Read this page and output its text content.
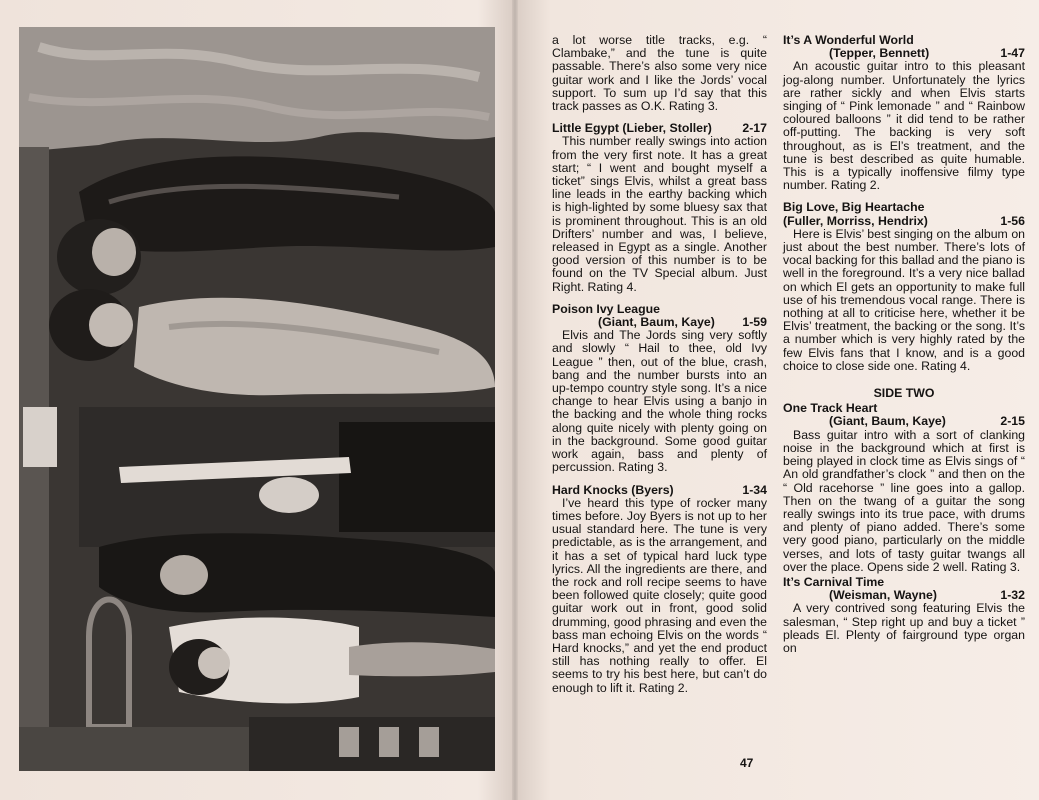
a lot worse title tracks, e.g. “ Clambake,” and the tune is quite passable. There’s also some very nice guitar work and I like the Jords’ vocal support. To sum up I’d say that this track passes as O.K. Rating 3.

Little Egypt (Lieber, Stoller) 2-17

This number really swings into action from the very first note. It has a great start; “ I went and bought myself a ticket” sings Elvis, whilst a great bass line leads in the earthy backing which is high-lighted by some bluesy sax that is prominent throughout. This is an old Drifters’ number and was, I believe, released in Egypt as a single. Another good version of this number is to be found on the TV Special album. Just Right. Rating 4.

Poison Ivy League
(Giant, Baum, Kaye) 1-59

Elvis and The Jords sing very softly and slowly “ Hail to thee, old Ivy League ” then, out of the blue, crash, bang and the number bursts into an up-tempo country style song. It’s a nice change to hear Elvis using a banjo in the backing and the whole thing rocks along quite nicely with plenty going on in the background. Some good guitar work again, bass and plenty of percussion. Rating 3.

Hard Knocks (Byers)	1-34

I’ve heard this type of rocker many times before. Joy Byers is not up to her usual standard here. The tune is very predictable, as is the arrangement, and it has a set of typical hard luck type lyrics. All the ingredients are there, and the rock and roll recipe seems to have been followed quite closely; quite good guitar work out in front, good solid drumming, good phrasing and even the bass man echoing Elvis on the words “ Hard knocks,” and yet the end product still has nothing really to offer. El seems to try his best here, but can’t do enough to lift it. Rating 2.

It’s A Wonderful World
(Tepper, Bennett)	1-47

An acoustic guitar intro to this pleasant jog-along number. Unfortunately the lyrics are rather sickly and when Elvis starts singing of “ Pink lemonade ” and “ Rainbow coloured balloons ” it did tend to be rather off-putting. The backing is very soft throughout, as is El’s treatment, and the tune is best described as quite humable. This is a typically inoffensive filmy type number. Rating 2.

Big Love, Big Heartache
(Fuller, Morriss, Hendrix)	1-56

Here is Elvis’ best singing on the album on just about the best number. There’s lots of vocal backing for this ballad and the piano is well in the foreground. It’s a very nice ballad on which El gets an opportunity to make full use of his tremendous vocal range. There is nothing at all to criticise here, whether it be Elvis’ treatment, the backing or the song. It’s a number which is very highly rated by the few Elvis fans that I know, and is a good choice to close side one. Rating 4.

SIDE TWO
One Track Heart
(Giant, Baum, Kaye)	2-15

Bass guitar intro with a sort of clanking noise in the background which at first is being played in clock time as Elvis sings of “ An old grandfather’s clock ” and then on the “ Old racehorse ” line goes into a gallop. Then on the twang of a guitar the song really swings into its true pace, with drums and plenty of piano added. There’s some very good piano, particularly on the middle verses, and lots of tasty guitar twangs all over the place. Opens side 2 well. Rating 3.

It’s Carnival Time
(Weisman, Wayne)	1-32

A very contrived song featuring Elvis the salesman, “ Step right up and buy a ticket ” pleads El. Plenty of fairground type organ on

47
